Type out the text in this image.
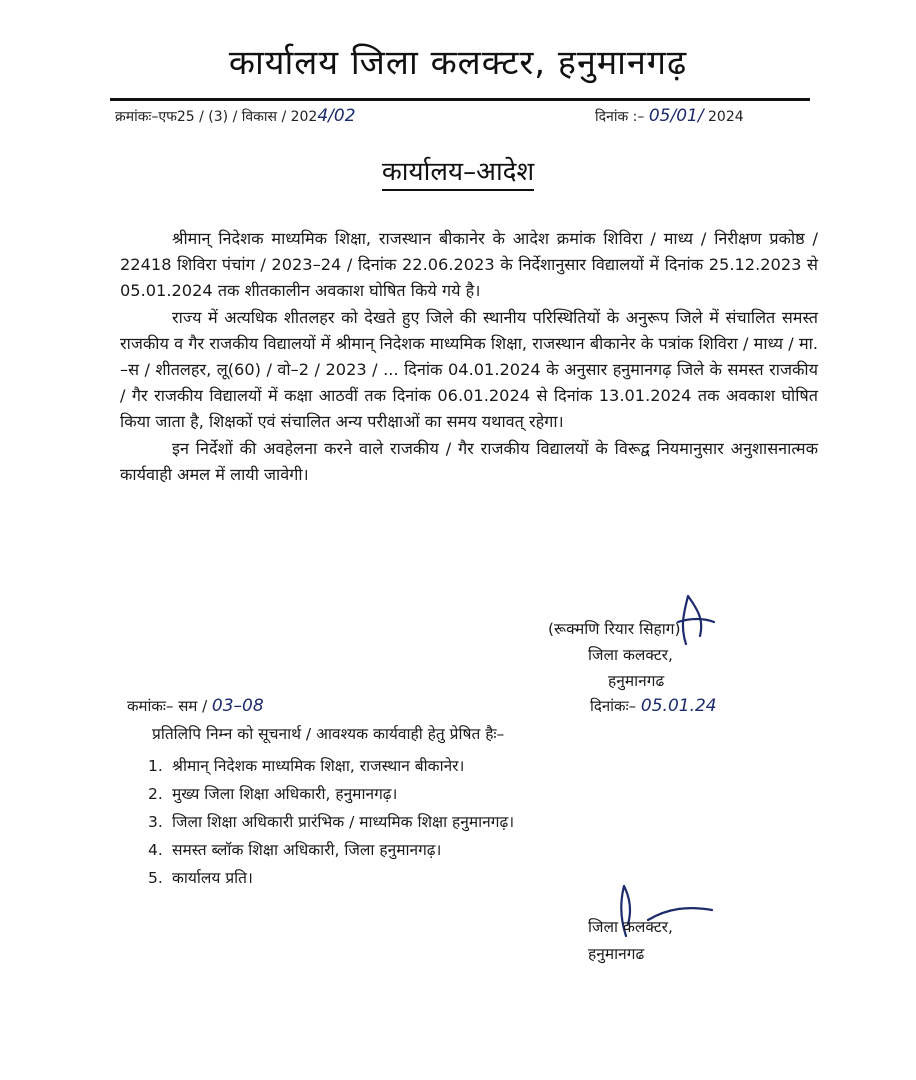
कार्यालय जिला कलक्टर, हनुमानगढ़
क्रमांकः–एफ25 / (3) / विकास / 2024/02	दिनांक :– 05/01/ 2024
कार्यालय–आदेश

श्रीमान् निदेशक माध्यमिक शिक्षा, राजस्थान बीकानेर के आदेश क्रमांक शिविरा / माध्य / निरीक्षण प्रकोष्ठ / 22418 शिविरा पंचांग / 2023–24 / दिनांक 22.06.2023 के निर्देशानुसार विद्यालयों में दिनांक 25.12.2023 से 05.01.2024 तक शीतकालीन अवकाश घोषित किये गये है।

राज्य में अत्यधिक शीतलहर को देखते हुए जिले की स्थानीय परिस्थितियों के अनुरूप जिले में संचालित समस्त राजकीय व गैर राजकीय विद्यालयों में श्रीमान् निदेशक माध्यमिक शिक्षा, राजस्थान बीकानेर के पत्रांक शिविरा / माध्य / मा. –स / शीतलहर, लू(60) / वो–2 / 2023 / ... दिनांक 04.01.2024 के अनुसार हनुमानगढ़ जिले के समस्त राजकीय / गैर राजकीय विद्यालयों में कक्षा आठवीं तक दिनांक 06.01.2024 से दिनांक 13.01.2024 तक अवकाश घोषित किया जाता है, शिक्षकों एवं संचालित अन्य परीक्षाओं का समय यथावत् रहेगा।

इन निर्देशों की अवहेलना करने वाले राजकीय / गैर राजकीय विद्यालयों के विरूद्व नियमानुसार अनुशासनात्मक कार्यवाही अमल में लायी जावेगी।

(रूक्मणि रियार सिहाग)
जिला कलक्टर,
हनुमानगढ
कमांकः– सम / 03–08	दिनांकः– 05.01.24
प्रतिलिपि निम्न को सूचनार्थ / आवश्यक कार्यवाही हेतु प्रेषित हैः–
1. श्रीमान् निदेशक माध्यमिक शिक्षा, राजस्थान बीकानेर।
2. मुख्य जिला शिक्षा अधिकारी, हनुमानगढ़।
3. जिला शिक्षा अधिकारी प्रारंभिक / माध्यमिक शिक्षा हनुमानगढ़।
4. समस्त ब्लॉक शिक्षा अधिकारी, जिला हनुमानगढ़।
5. कार्यालय प्रति।
जिला कलक्टर,
हनुमानगढ
